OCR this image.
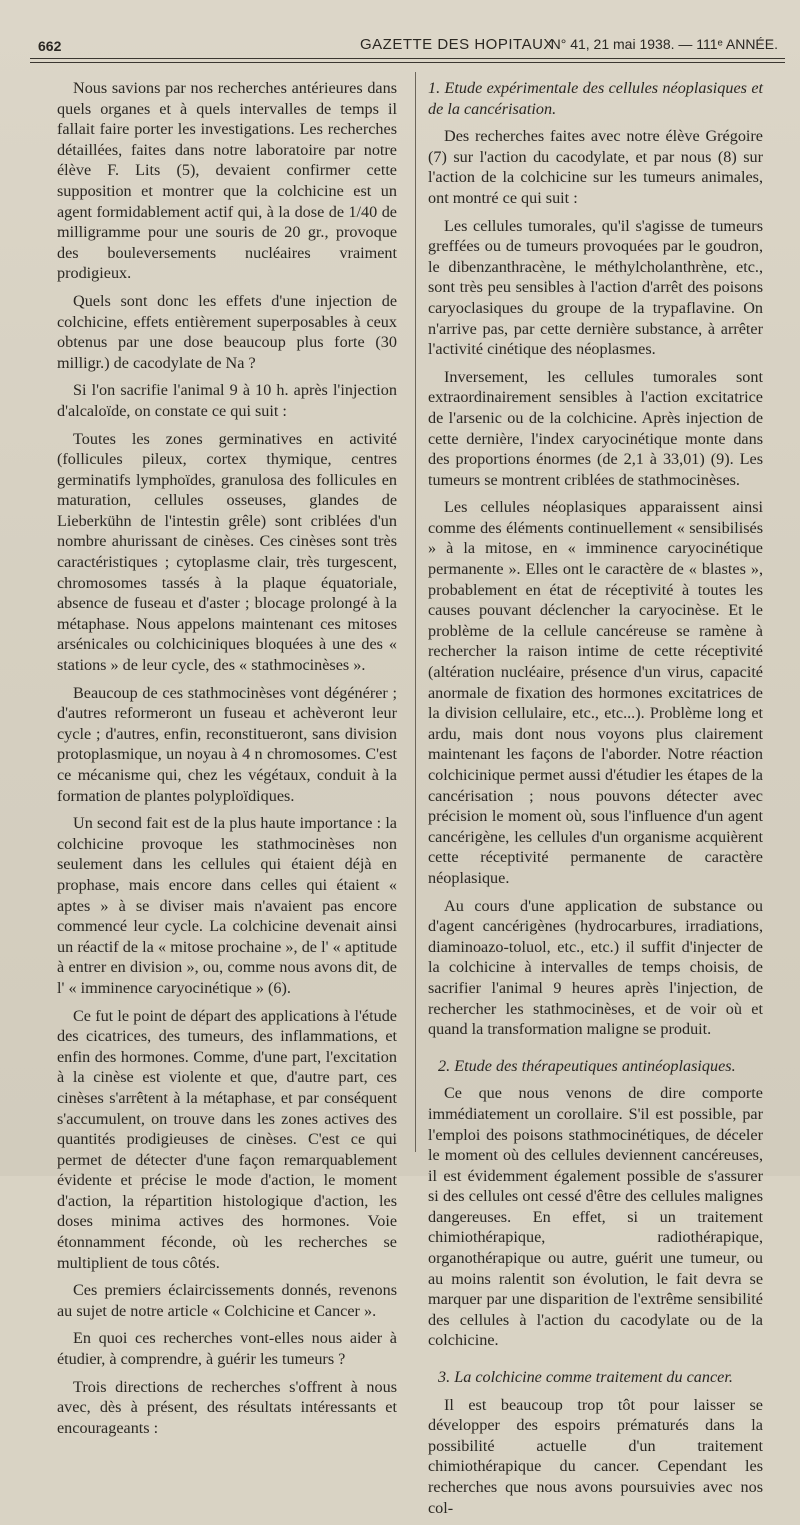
662	GAZETTE DES HOPITAUX
N° 41, 21 mai 1938. — 111ᵉ ANNÉE.

Nous savions par nos recherches antérieures dans quels organes et à quels intervalles de temps il fallait faire porter les investigations. Les recherches détaillées, faites dans notre laboratoire par notre élève F. Lits (5), devaient confirmer cette supposition et montrer que la colchicine est un agent formidablement actif qui, à la dose de 1/40 de milligramme pour une souris de 20 gr., provoque des bouleversements nucléaires vraiment prodigieux.

Quels sont donc les effets d'une injection de colchicine, effets entièrement superposables à ceux obtenus par une dose beaucoup plus forte (30 milligr.) de cacodylate de Na ?

Si l'on sacrifie l'animal 9 à 10 h. après l'injection d'alcaloïde, on constate ce qui suit :

Toutes les zones germinatives en activité (follicules pileux, cortex thymique, centres germinatifs lymphoïdes, granulosa des follicules en maturation, cellules osseuses, glandes de Lieberkühn de l'intestin grêle) sont criblées d'un nombre ahurissant de cinèses. Ces cinèses sont très caractéristiques ; cytoplasme clair, très turgescent, chromosomes tassés à la plaque équatoriale, absence de fuseau et d'aster ; blocage prolongé à la métaphase. Nous appelons maintenant ces mitoses arsénicales ou colchiciniques bloquées à une des « stations » de leur cycle, des « stathmocinèses ».

Beaucoup de ces stathmocinèses vont dégénérer ; d'autres reformeront un fuseau et achèveront leur cycle ; d'autres, enfin, reconstitueront, sans division protoplasmique, un noyau à 4 n chromosomes. C'est ce mécanisme qui, chez les végétaux, conduit à la formation de plantes polyploïdiques.

Un second fait est de la plus haute importance : la colchicine provoque les stathmocinèses non seulement dans les cellules qui étaient déjà en prophase, mais encore dans celles qui étaient « aptes » à se diviser mais n'avaient pas encore commencé leur cycle. La colchicine devenait ainsi un réactif de la « mitose prochaine », de l' « aptitude à entrer en division », ou, comme nous avons dit, de l' « imminence caryocinétique » (6).

Ce fut le point de départ des applications à l'étude des cicatrices, des tumeurs, des inflammations, et enfin des hormones. Comme, d'une part, l'excitation à la cinèse est violente et que, d'autre part, ces cinèses s'arrêtent à la métaphase, et par conséquent s'accumulent, on trouve dans les zones actives des quantités prodigieuses de cinèses. C'est ce qui permet de détecter d'une façon remarquablement évidente et précise le mode d'action, le moment d'action, la répartition histologique d'action, les doses minima actives des hormones. Voie étonnamment féconde, où les recherches se multiplient de tous côtés.

Ces premiers éclaircissements donnés, revenons au sujet de notre article « Colchicine et Cancer ».

En quoi ces recherches vont-elles nous aider à étudier, à comprendre, à guérir les tumeurs ?

Trois directions de recherches s'offrent à nous avec, dès à présent, des résultats intéressants et encourageants :

1. Etude expérimentale des cellules néoplasiques et de la cancérisation.

Des recherches faites avec notre élève Grégoire (7) sur l'action du cacodylate, et par nous (8) sur l'action de la colchicine sur les tumeurs animales, ont montré ce qui suit :

Les cellules tumorales, qu'il s'agisse de tumeurs greffées ou de tumeurs provoquées par le goudron, le dibenzanthracène, le méthylcholanthrène, etc., sont très peu sensibles à l'action d'arrêt des poisons caryoclasiques du groupe de la trypaflavine. On n'arrive pas, par cette dernière substance, à arrêter l'activité cinétique des néoplasmes.

Inversement, les cellules tumorales sont extraordinairement sensibles à l'action excitatrice de l'arsenic ou de la colchicine. Après injection de cette dernière, l'index caryocinétique monte dans des proportions énormes (de 2,1 à 33,01) (9). Les tumeurs se montrent criblées de stathmocinèses.

Les cellules néoplasiques apparaissent ainsi comme des éléments continuellement « sensibilisés » à la mitose, en « imminence caryocinétique permanente ». Elles ont le caractère de « blastes », probablement en état de réceptivité à toutes les causes pouvant déclencher la caryocinèse. Et le problème de la cellule cancéreuse se ramène à rechercher la raison intime de cette réceptivité (altération nucléaire, présence d'un virus, capacité anormale de fixation des hormones excitatrices de la division cellulaire, etc., etc...). Problème long et ardu, mais dont nous voyons plus clairement maintenant les façons de l'aborder. Notre réaction colchicinique permet aussi d'étudier les étapes de la cancérisation ; nous pouvons détecter avec précision le moment où, sous l'influence d'un agent cancérigène, les cellules d'un organisme acquièrent cette réceptivité permanente de caractère néoplasique.

Au cours d'une application de substance ou d'agent cancérigènes (hydrocarbures, irradiations, diaminoazo-toluol, etc., etc.) il suffit d'injecter de la colchicine à intervalles de temps choisis, de sacrifier l'animal 9 heures après l'injection, de rechercher les stathmocinèses, et de voir où et quand la transformation maligne se produit.

2. Etude des thérapeutiques antinéoplasiques.

Ce que nous venons de dire comporte immédiatement un corollaire. S'il est possible, par l'emploi des poisons stathmocinétiques, de déceler le moment où des cellules deviennent cancéreuses, il est évidemment également possible de s'assurer si des cellules ont cessé d'être des cellules malignes dangereuses. En effet, si un traitement chimiothérapique, radiothérapique, organothérapique ou autre, guérit une tumeur, ou au moins ralentit son évolution, le fait devra se marquer par une disparition de l'extrême sensibilité des cellules à l'action du cacodylate ou de la colchicine.

3. La colchicine comme traitement du cancer.

Il est beaucoup trop tôt pour laisser se développer des espoirs prématurés dans la possibilité actuelle d'un traitement chimiothérapique du cancer. Cependant les recherches que nous avons poursuivies avec nos col-
